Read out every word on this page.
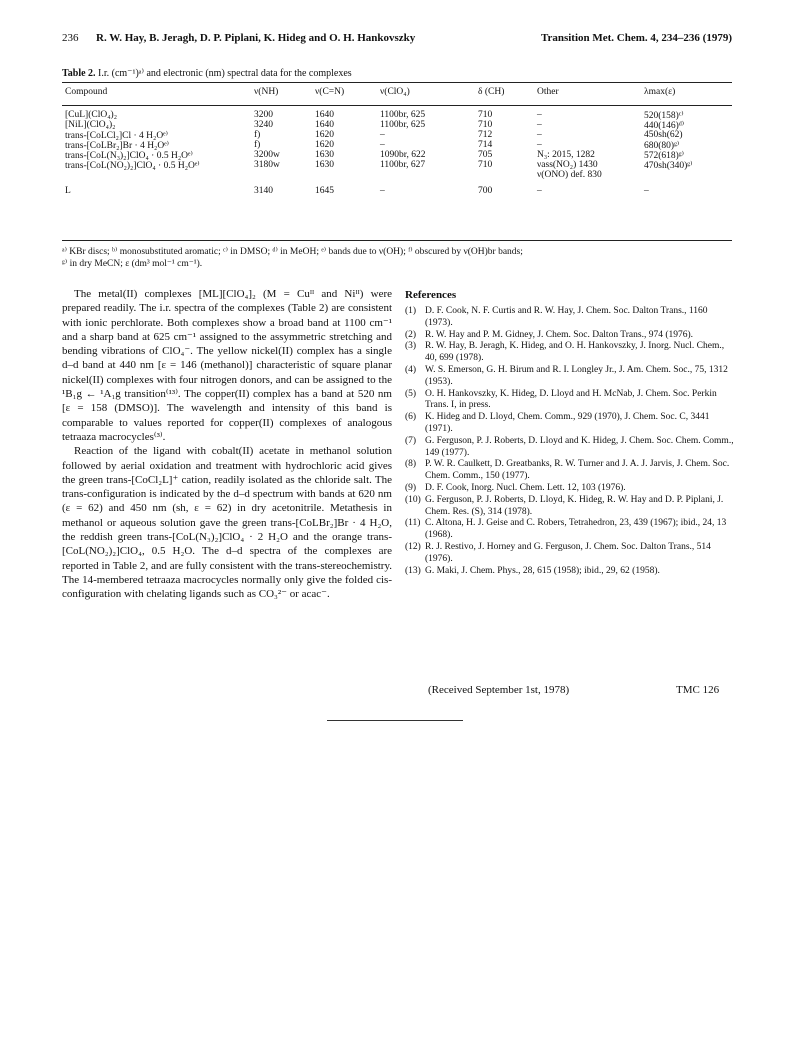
236 R. W. Hay, B. Jeragh, D. P. Piplani, K. Hideg and O. H. Hankovszky	Transition Met. Chem. 4, 234–236 (1979)
Table 2. I.r. (cm⁻¹)ᵃ⁾ and electronic (nm) spectral data for the complexes
Compound	ν(NH)	ν(C=N)	ν(ClO₄)	δ (CH)	Other	λmax(ε)
[CuL](ClO₄)₂	3200	1640	1100br, 625	710	–	520(158)ᶜ⁾
[NiL](ClO₄)₂	3240	1640	1100br, 625	710	–	440(146)ᵈ⁾
trans-[CoLCl₂]Cl · 4 H₂Oᵉ⁾	f)	1620	–	712	–	450sh(62)
trans-[CoLBr₂]Br · 4 H₂Oᵉ⁾	f)	1620	–	714	–	680(80)ᵍ⁾
trans-[CoL(N₃)₂]ClO₄ · 0.5 H₂Oᵉ⁾	3200w	1630	1090br, 622	705	N₃: 2015, 1282	572(618)ᵍ⁾
trans-[CoL(NO₂)₂]ClO₄ · 0.5 H₂Oᵉ⁾	3180w	1630	1100br, 627	710	νass(NO₂) 1430	470sh(340)ᵍ⁾
ν(ONO) def. 830
L	3140	1645	–	700	–	–
ᵃ⁾ KBr discs; ᵇ⁾ monosubstituted aromatic; ᶜ⁾ in DMSO; ᵈ⁾ in MeOH; ᵉ⁾ bands due to ν(OH); ᶠ⁾ obscured by ν(OH)br bands;
ᵍ⁾ in dry MeCN; ε (dm³ mol⁻¹ cm⁻¹).

The metal(II) complexes [ML][ClO₄]₂ (M = Cuᴵᴵ and Niᴵᴵ) were prepared readily. The i.r. spectra of the complexes (Table 2) are consistent with ionic perchlorate. Both complexes show a broad band at 1100 cm⁻¹ and a sharp band at 625 cm⁻¹ assigned to the assymmetric stretching and bending vibrations of ClO₄⁻. The yellow nickel(II) complex has a single d–d band at 440 nm [ε = 146 (methanol)] characteristic of square planar nickel(II) complexes with four nitrogen donors, and can be assigned to the ¹B₁g ← ¹A₁g transition⁽¹³⁾. The copper(II) complex has a band at 520 nm [ε = 158 (DMSO)]. The wavelength and intensity of this band is comparable to values reported for copper(II) complexes of analogous tetraaza macrocycles⁽³⁾.

Reaction of the ligand with cobalt(II) acetate in methanol solution followed by aerial oxidation and treatment with hydrochloric acid gives the green trans-[CoCl₂L]⁺ cation, readily isolated as the chloride salt. The trans-configuration is indicated by the d–d spectrum with bands at 620 nm (ε = 62) and 450 nm (sh, ε = 62) in dry acetonitrile. Metathesis in methanol or aqueous solution gave the green trans-[CoLBr₂]Br · 4 H₂O, the reddish green trans-[CoL(N₃)₂]ClO₄ · 2 H₂O and the orange trans-[CoL(NO₂)₂]ClO₄, 0.5 H₂O. The d–d spectra of the complexes are reported in Table 2, and are fully consistent with the trans-stereochemistry. The 14-membered tetraaza macrocycles normally only give the folded cis-configuration with chelating ligands such as CO₃²⁻ or acac⁻.

References
(1) D. F. Cook, N. F. Curtis and R. W. Hay, J. Chem. Soc. Dalton Trans., 1160 (1973).
(2) R. W. Hay and P. M. Gidney, J. Chem. Soc. Dalton Trans., 974 (1976).
(3) R. W. Hay, B. Jeragh, K. Hideg, and O. H. Hankovszky, J. Inorg. Nucl. Chem., 40, 699 (1978).
(4) W. S. Emerson, G. H. Birum and R. I. Longley Jr., J. Am. Chem. Soc., 75, 1312 (1953).
(5) O. H. Hankovszky, K. Hideg, D. Lloyd and H. McNab, J. Chem. Soc. Perkin Trans. I, in press.
(6) K. Hideg and D. Lloyd, Chem. Comm., 929 (1970), J. Chem. Soc. C, 3441 (1971).
(7) G. Ferguson, P. J. Roberts, D. Lloyd and K. Hideg, J. Chem. Soc. Chem. Comm., 149 (1977).
(8) P. W. R. Caulkett, D. Greatbanks, R. W. Turner and J. A. J. Jarvis, J. Chem. Soc. Chem. Comm., 150 (1977).
(9) D. F. Cook, Inorg. Nucl. Chem. Lett. 12, 103 (1976).
(10) G. Ferguson, P. J. Roberts, D. Lloyd, K. Hideg, R. W. Hay and D. P. Piplani, J. Chem. Res. (S), 314 (1978).
(11) C. Altona, H. J. Geise and C. Robers, Tetrahedron, 23, 439 (1967); ibid., 24, 13 (1968).
(12) R. J. Restivo, J. Horney and G. Ferguson, J. Chem. Soc. Dalton Trans., 514 (1976).
(13) G. Maki, J. Chem. Phys., 28, 615 (1958); ibid., 29, 62 (1958).
(Received September 1st, 1978)	TMC 126
